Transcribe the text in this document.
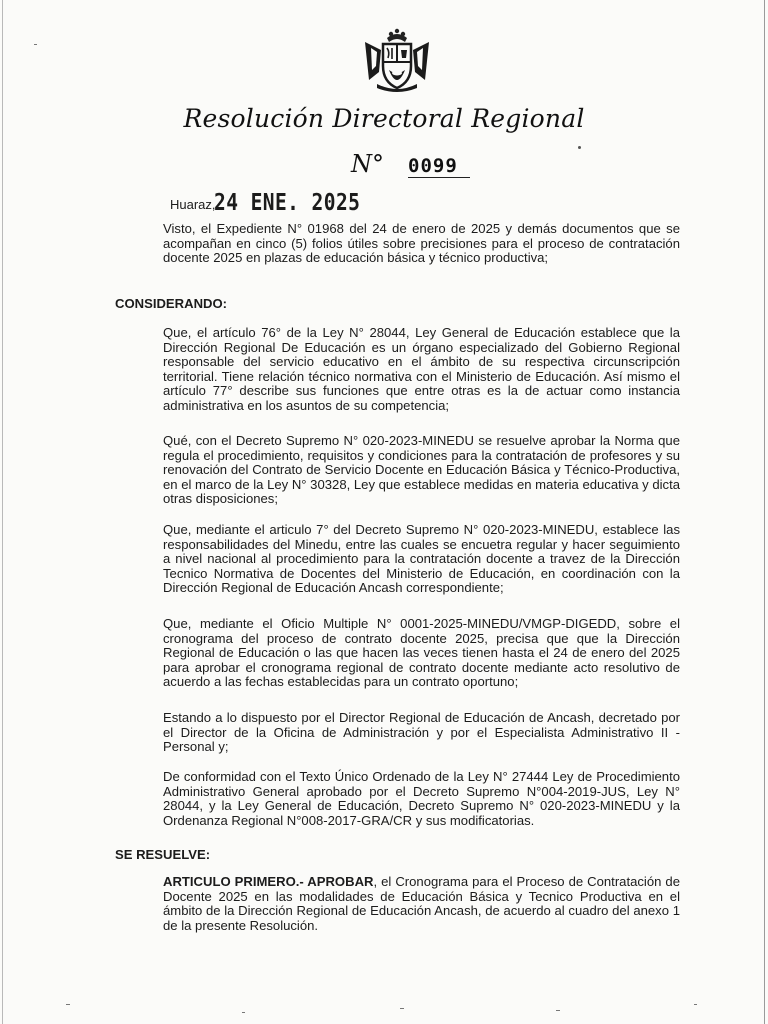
Resolución Directoral Regional
N° 0099
Huaraz,
24 ENE. 2025
Visto, el Expediente N° 01968 del 24 de enero de 2025 y demás documentos que se acompañan en cinco (5) folios útiles sobre precisiones para el proceso de contratación docente 2025 en plazas de educación básica y técnico productiva;
CONSIDERANDO:
Que, el artículo 76° de la Ley N° 28044, Ley General de Educación establece que la Dirección Regional De Educación es un órgano especializado del Gobierno Regional responsable del servicio educativo en el ámbito de su respectiva circunscripción territorial. Tiene relación técnico normativa con el Ministerio de Educación. Así mismo el artículo 77° describe sus funciones que entre otras es la de actuar como instancia administrativa en los asuntos de su competencia;
Qué, con el Decreto Supremo N° 020-2023-MINEDU se resuelve aprobar la Norma que regula el procedimiento, requisitos y condiciones para la contratación de profesores y su renovación del Contrato de Servicio Docente en Educación Básica y Técnico-Productiva, en el marco de la Ley N° 30328, Ley que establece medidas en materia educativa y dicta otras disposiciones;
Que, mediante el articulo 7° del Decreto Supremo N° 020-2023-MINEDU, establece las responsabilidades del Minedu, entre las cuales se encuetra regular y hacer seguimiento a nivel nacional al procedimiento para la contratación docente a travez de la Dirección Tecnico Normativa de Docentes del Ministerio de Educación, en coordinación con la Dirección Regional de Educación Ancash correspondiente;
Que, mediante el Oficio Multiple N° 0001-2025-MINEDU/VMGP-DIGEDD, sobre el cronograma del proceso de contrato docente 2025, precisa que que la Dirección Regional de Educación o las que hacen las veces tienen hasta el 24 de enero del 2025 para aprobar el cronograma regional de contrato docente mediante acto resolutivo de acuerdo a las fechas establecidas para un contrato oportuno;
Estando a lo dispuesto por el Director Regional de Educación de Ancash, decretado por el Director de la Oficina de Administración y por el Especialista Administrativo II - Personal y;
De conformidad con el Texto Único Ordenado de la Ley N° 27444 Ley de Procedimiento Administrativo General aprobado por el Decreto Supremo N°004-2019-JUS, Ley N° 28044, y la Ley General de Educación, Decreto Supremo N° 020-2023-MINEDU y la Ordenanza Regional N°008-2017-GRA/CR y sus modificatorias.
SE RESUELVE:
ARTICULO PRIMERO.- APROBAR, el Cronograma para el Proceso de Contratación de Docente 2025 en las modalidades de Educación Básica y Tecnico Productiva en el ámbito de la Dirección Regional de Educación Ancash, de acuerdo al cuadro del anexo 1 de la presente Resolución.
